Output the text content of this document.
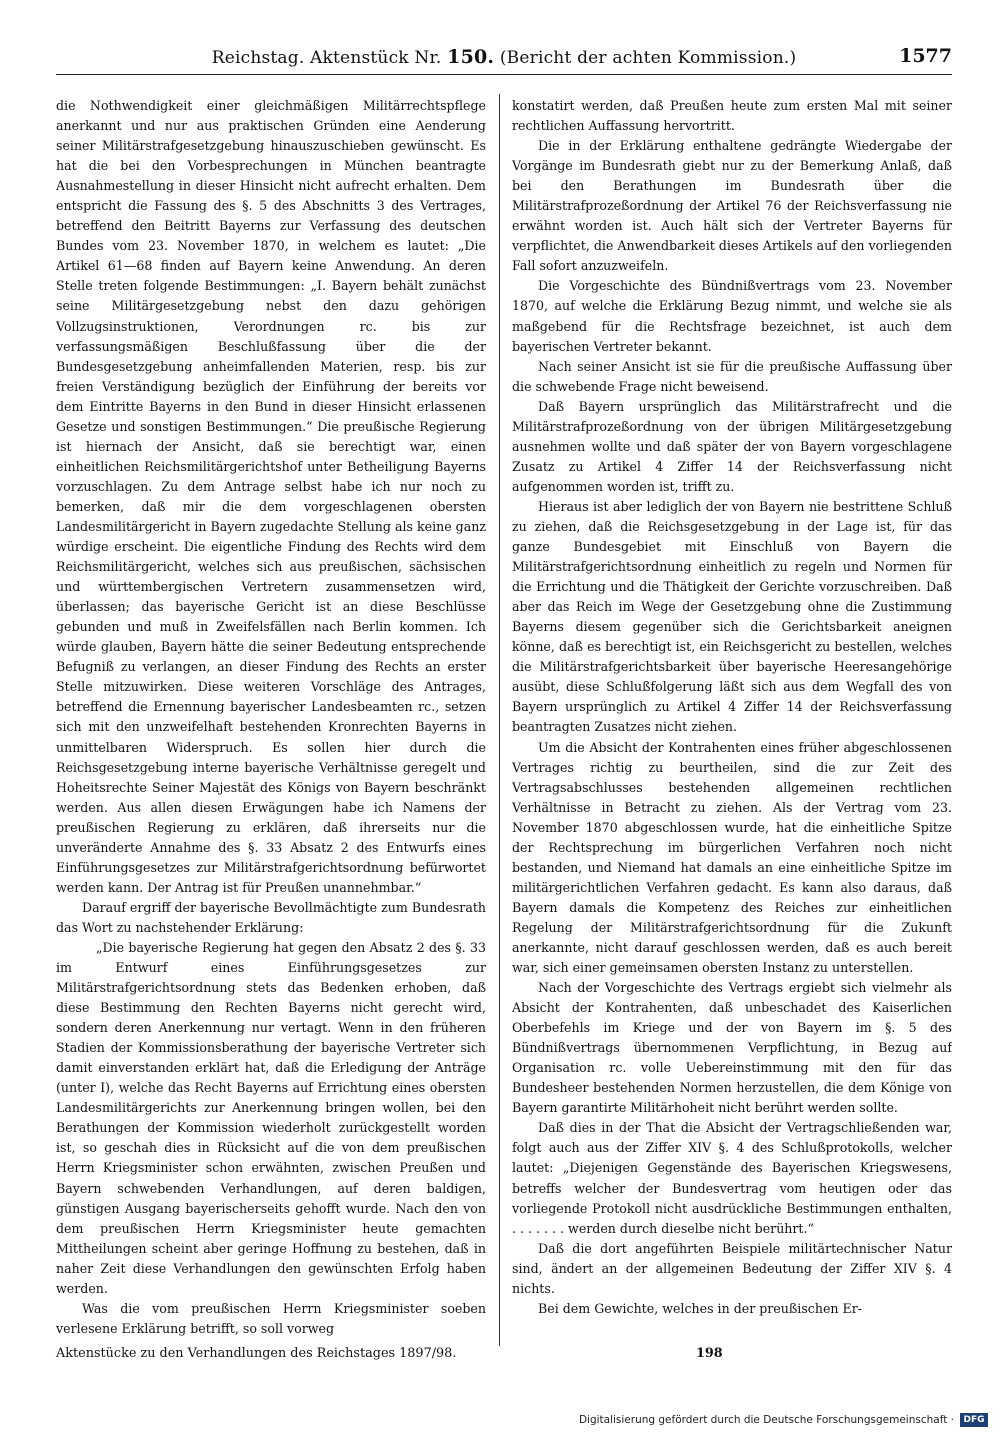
Reichstag. Aktenstück Nr. 150. (Bericht der achten Kommission.)	1577

die Nothwendigkeit einer gleichmäßigen Militärrechtspflege anerkannt und nur aus praktischen Gründen eine Aenderung seiner Militärstrafgesetzgebung hinauszuschieben gewünscht. Es hat die bei den Vorbesprechungen in München beantragte Ausnahmestellung in dieser Hinsicht nicht aufrecht erhalten. Dem entspricht die Fassung des §. 5 des Abschnitts 3 des Vertrages, betreffend den Beitritt Bayerns zur Verfassung des deutschen Bundes vom 23. November 1870, in welchem es lautet: „Die Artikel 61—68 finden auf Bayern keine Anwendung. An deren Stelle treten folgende Bestimmungen: „I. Bayern behält zunächst seine Militärgesetzgebung nebst den dazu gehörigen Vollzugsinstruktionen, Verordnungen rc. bis zur verfassungsmäßigen Beschlußfassung über die der Bundesgesetzgebung anheimfallenden Materien, resp. bis zur freien Verständigung bezüglich der Einführung der bereits vor dem Eintritte Bayerns in den Bund in dieser Hinsicht erlassenen Gesetze und sonstigen Bestimmungen.“ Die preußische Regierung ist hiernach der Ansicht, daß sie berechtigt war, einen einheitlichen Reichsmilitärgerichtshof unter Betheiligung Bayerns vorzuschlagen. Zu dem Antrage selbst habe ich nur noch zu bemerken, daß mir die dem vorgeschlagenen obersten Landesmilitärgericht in Bayern zugedachte Stellung als keine ganz würdige erscheint. Die eigentliche Findung des Rechts wird dem Reichsmilitärgericht, welches sich aus preußischen, sächsischen und württembergischen Vertretern zusammensetzen wird, überlassen; das bayerische Gericht ist an diese Beschlüsse gebunden und muß in Zweifelsfällen nach Berlin kommen. Ich würde glauben, Bayern hätte die seiner Bedeutung entsprechende Befugniß zu verlangen, an dieser Findung des Rechts an erster Stelle mitzuwirken. Diese weiteren Vorschläge des Antrages, betreffend die Ernennung bayerischer Landesbeamten rc., setzen sich mit den unzweifelhaft bestehenden Kronrechten Bayerns in unmittelbaren Widerspruch. Es sollen hier durch die Reichsgesetzgebung interne bayerische Verhältnisse geregelt und Hoheitsrechte Seiner Majestät des Königs von Bayern beschränkt werden. Aus allen diesen Erwägungen habe ich Namens der preußischen Regierung zu erklären, daß ihrerseits nur die unveränderte Annahme des §. 33 Absatz 2 des Entwurfs eines Einführungsgesetzes zur Militärstrafgerichtsordnung befürwortet werden kann. Der Antrag ist für Preußen unannehmbar.“

Darauf ergriff der bayerische Bevollmächtigte zum Bundesrath das Wort zu nachstehender Erklärung:

„Die bayerische Regierung hat gegen den Absatz 2 des §. 33 im Entwurf eines Einführungsgesetzes zur Militärstrafgerichtsordnung stets das Bedenken erhoben, daß diese Bestimmung den Rechten Bayerns nicht gerecht wird, sondern deren Anerkennung nur vertagt. Wenn in den früheren Stadien der Kommissionsberathung der bayerische Vertreter sich damit einverstanden erklärt hat, daß die Erledigung der Anträge (unter I), welche das Recht Bayerns auf Errichtung eines obersten Landesmilitärgerichts zur Anerkennung bringen wollen, bei den Berathungen der Kommission wiederholt zurückgestellt worden ist, so geschah dies in Rücksicht auf die von dem preußischen Herrn Kriegsminister schon erwähnten, zwischen Preußen und Bayern schwebenden Verhandlungen, auf deren baldigen, günstigen Ausgang bayerischerseits gehofft wurde. Nach den von dem preußischen Herrn Kriegsminister heute gemachten Mittheilungen scheint aber geringe Hoffnung zu bestehen, daß in naher Zeit diese Verhandlungen den gewünschten Erfolg haben werden.

Was die vom preußischen Herrn Kriegsminister soeben verlesene Erklärung betrifft, so soll vorweg

konstatirt werden, daß Preußen heute zum ersten Mal mit seiner rechtlichen Auffassung hervortritt.

Die in der Erklärung enthaltene gedrängte Wiedergabe der Vorgänge im Bundesrath giebt nur zu der Bemerkung Anlaß, daß bei den Berathungen im Bundesrath über die Militärstrafprozeßordnung der Artikel 76 der Reichsverfassung nie erwähnt worden ist. Auch hält sich der Vertreter Bayerns für verpflichtet, die Anwendbarkeit dieses Artikels auf den vorliegenden Fall sofort anzuzweifeln.

Die Vorgeschichte des Bündnißvertrags vom 23. November 1870, auf welche die Erklärung Bezug nimmt, und welche sie als maßgebend für die Rechtsfrage bezeichnet, ist auch dem bayerischen Vertreter bekannt.

Nach seiner Ansicht ist sie für die preußische Auffassung über die schwebende Frage nicht beweisend.

Daß Bayern ursprünglich das Militärstrafrecht und die Militärstrafprozeßordnung von der übrigen Militärgesetzgebung ausnehmen wollte und daß später der von Bayern vorgeschlagene Zusatz zu Artikel 4 Ziffer 14 der Reichsverfassung nicht aufgenommen worden ist, trifft zu.

Hieraus ist aber lediglich der von Bayern nie bestrittene Schluß zu ziehen, daß die Reichsgesetzgebung in der Lage ist, für das ganze Bundesgebiet mit Einschluß von Bayern die Militärstrafgerichtsordnung einheitlich zu regeln und Normen für die Errichtung und die Thätigkeit der Gerichte vorzuschreiben. Daß aber das Reich im Wege der Gesetzgebung ohne die Zustimmung Bayerns diesem gegenüber sich die Gerichtsbarkeit aneignen könne, daß es berechtigt ist, ein Reichsgericht zu bestellen, welches die Militärstrafgerichtsbarkeit über bayerische Heeresangehörige ausübt, diese Schlußfolgerung läßt sich aus dem Wegfall des von Bayern ursprünglich zu Artikel 4 Ziffer 14 der Reichsverfassung beantragten Zusatzes nicht ziehen.

Um die Absicht der Kontrahenten eines früher abgeschlossenen Vertrages richtig zu beurtheilen, sind die zur Zeit des Vertragsabschlusses bestehenden allgemeinen rechtlichen Verhältnisse in Betracht zu ziehen. Als der Vertrag vom 23. November 1870 abgeschlossen wurde, hat die einheitliche Spitze der Rechtsprechung im bürgerlichen Verfahren noch nicht bestanden, und Niemand hat damals an eine einheitliche Spitze im militärgerichtlichen Verfahren gedacht. Es kann also daraus, daß Bayern damals die Kompetenz des Reiches zur einheitlichen Regelung der Militärstrafgerichtsordnung für die Zukunft anerkannte, nicht darauf geschlossen werden, daß es auch bereit war, sich einer gemeinsamen obersten Instanz zu unterstellen.

Nach der Vorgeschichte des Vertrags ergiebt sich vielmehr als Absicht der Kontrahenten, daß unbeschadet des Kaiserlichen Oberbefehls im Kriege und der von Bayern im §. 5 des Bündnißvertrags übernommenen Verpflichtung, in Bezug auf Organisation rc. volle Uebereinstimmung mit den für das Bundesheer bestehenden Normen herzustellen, die dem Könige von Bayern garantirte Militärhoheit nicht berührt werden sollte.

Daß dies in der That die Absicht der Vertragschließenden war, folgt auch aus der Ziffer XIV §. 4 des Schlußprotokolls, welcher lautet: „Diejenigen Gegenstände des Bayerischen Kriegswesens, betreffs welcher der Bundesvertrag vom heutigen oder das vorliegende Protokoll nicht ausdrückliche Bestimmungen enthalten, . . . . . . . werden durch dieselbe nicht berührt.“

Daß die dort angeführten Beispiele militärtechnischer Natur sind, ändert an der allgemeinen Bedeutung der Ziffer XIV §. 4 nichts.

Bei dem Gewichte, welches in der preußischen Er-

Aktenstücke zu den Verhandlungen des Reichstages 1897/98.	198
Digitalisierung gefördert durch die Deutsche Forschungsgemeinschaft ·	DFG
